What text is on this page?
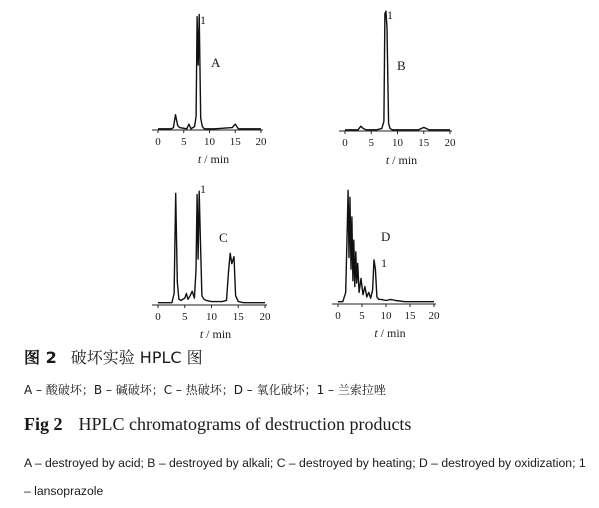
0 5 10 15 20
t / min
A
1
0 5 10 15 20
t / min
B
1
0 5 10 15 20
t / min
C
1
0 5 10 15 20
t / min
D
1
图 2 破坏实验 HPLC 图
A – 酸破坏；B – 碱破坏；C – 热破坏；D – 氧化破坏；1 – 兰索拉唑
Fig 2 HPLC chromatograms of destruction products
A – destroyed by acid; B – destroyed by alkali; C – destroyed by heating; D – destroyed by oxidization; 1 – lansoprazole
